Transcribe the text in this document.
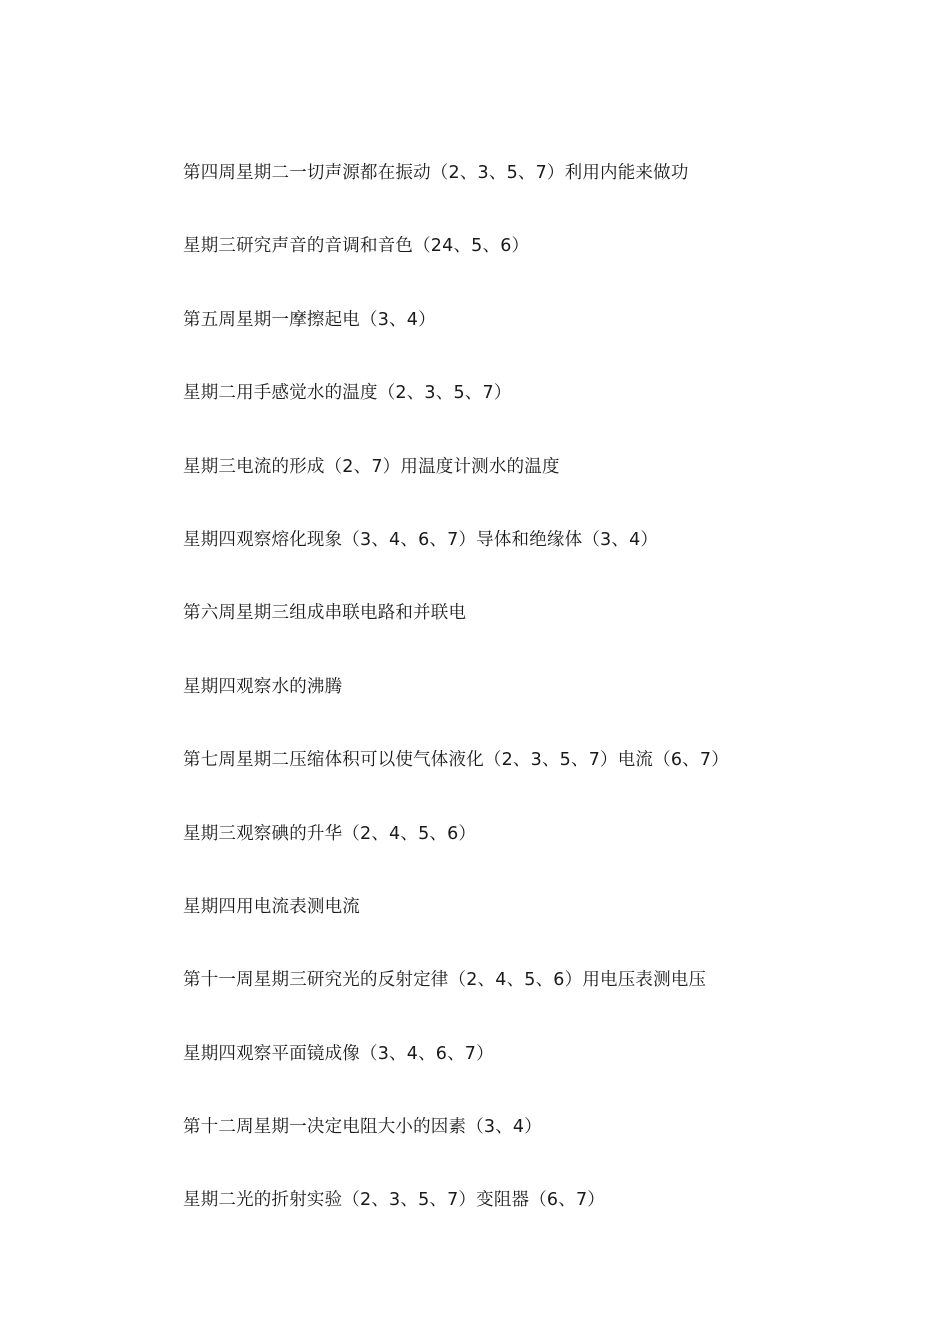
第四周星期二一切声源都在振动（2、3、5、7）利用内能来做功
星期三研究声音的音调和音色（24、5、6）
第五周星期一摩擦起电（3、4）
星期二用手感觉水的温度（2、3、5、7）
星期三电流的形成（2、7）用温度计测水的温度
星期四观察熔化现象（3、4、6、7）导体和绝缘体（3、4）
第六周星期三组成串联电路和并联电
星期四观察水的沸腾
第七周星期二压缩体积可以使气体液化（2、3、5、7）电流（6、7）
星期三观察碘的升华（2、4、5、6）
星期四用电流表测电流
第十一周星期三研究光的反射定律（2、4、5、6）用电压表测电压
星期四观察平面镜成像（3、4、6、7）
第十二周星期一决定电阻大小的因素（3、4）
星期二光的折射实验（2、3、5、7）变阻器（6、7）
